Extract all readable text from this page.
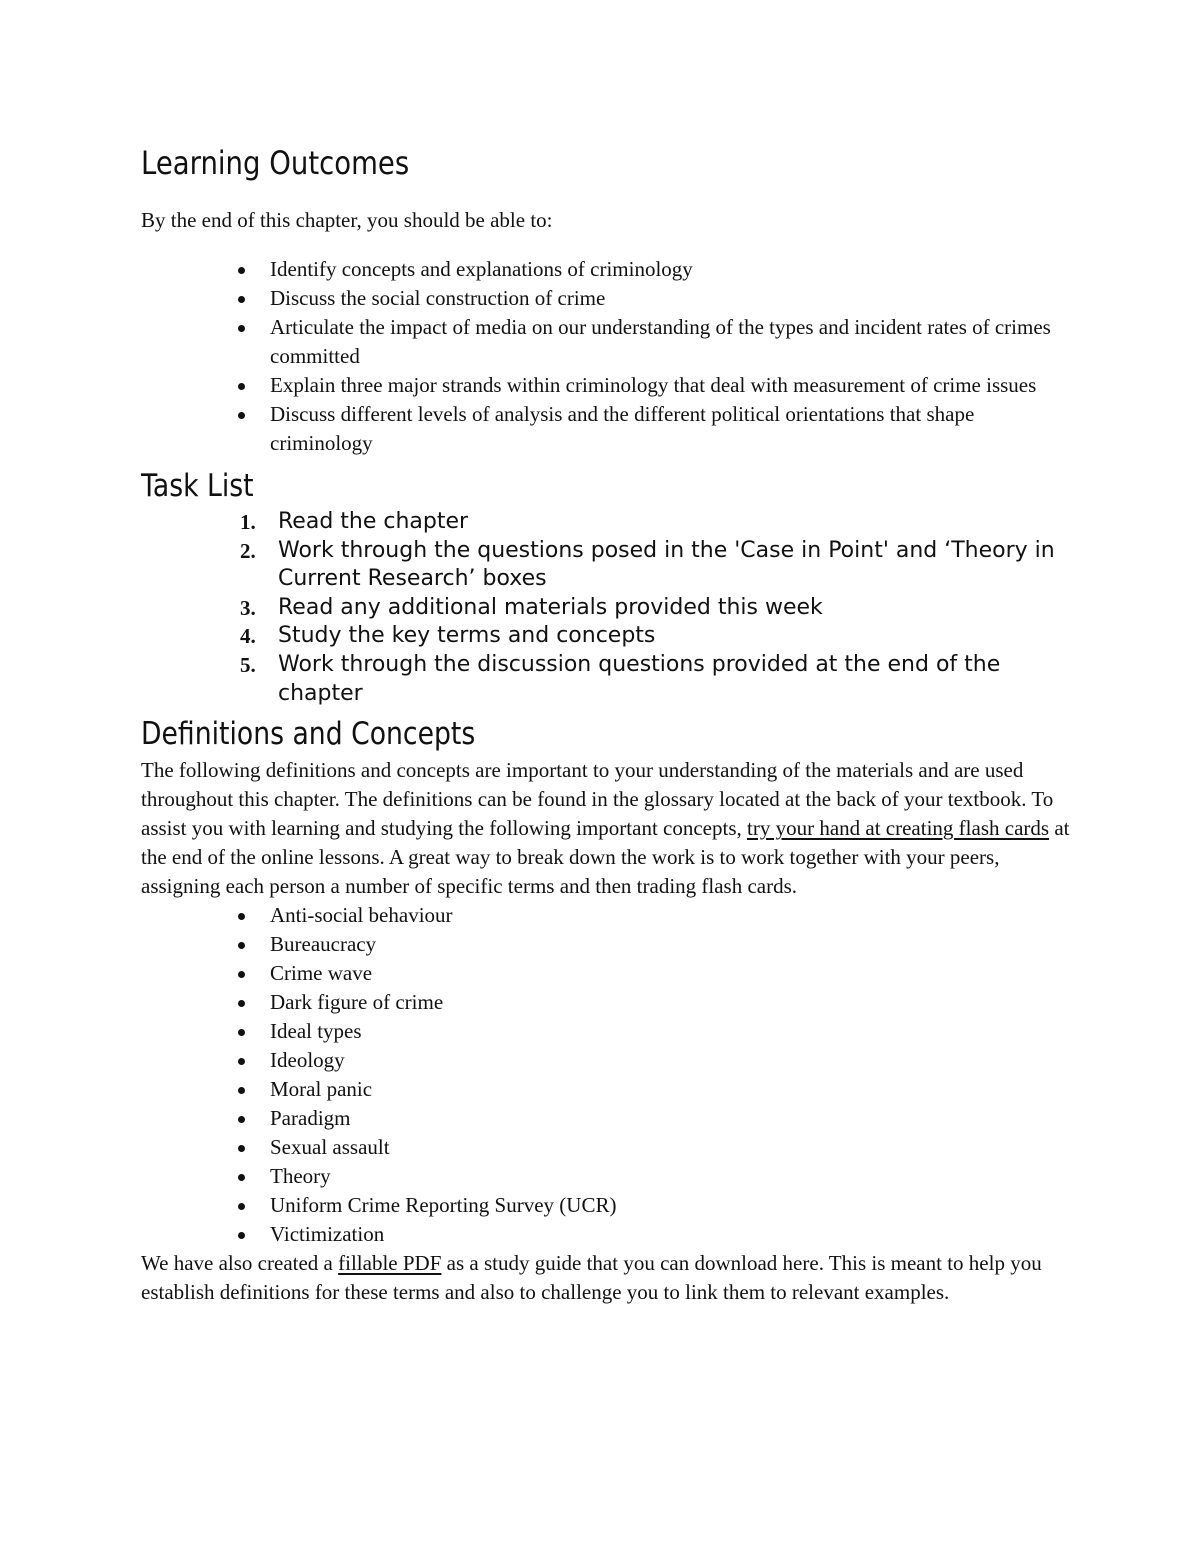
Learning Outcomes

By the end of this chapter, you should be able to:

Identify concepts and explanations of criminology
Discuss the social construction of crime
Articulate the impact of media on our understanding of the types and incident rates of crimes committed
Explain three major strands within criminology that deal with measurement of crime issues
Discuss different levels of analysis and the different political orientations that shape criminology
Task List
1. Read the chapter
2. Work through the questions posed in the 'Case in Point' and ‘Theory in Current Research’ boxes
3. Read any additional materials provided this week
4. Study the key terms and concepts
5. Work through the discussion questions provided at the end of the chapter
Definitions and Concepts

The following definitions and concepts are important to your understanding of the materials and are used throughout this chapter. The definitions can be found in the glossary located at the back of your textbook. To assist you with learning and studying the following important concepts, try your hand at creating flash cards at the end of the online lessons. A great way to break down the work is to work together with your peers, assigning each person a number of specific terms and then trading flash cards.

Anti-social behaviour
Bureaucracy
Crime wave
Dark figure of crime
Ideal types
Ideology
Moral panic
Paradigm
Sexual assault
Theory
Uniform Crime Reporting Survey (UCR)
Victimization

We have also created a fillable PDF as a study guide that you can download here. This is meant to help you establish definitions for these terms and also to challenge you to link them to relevant examples.
